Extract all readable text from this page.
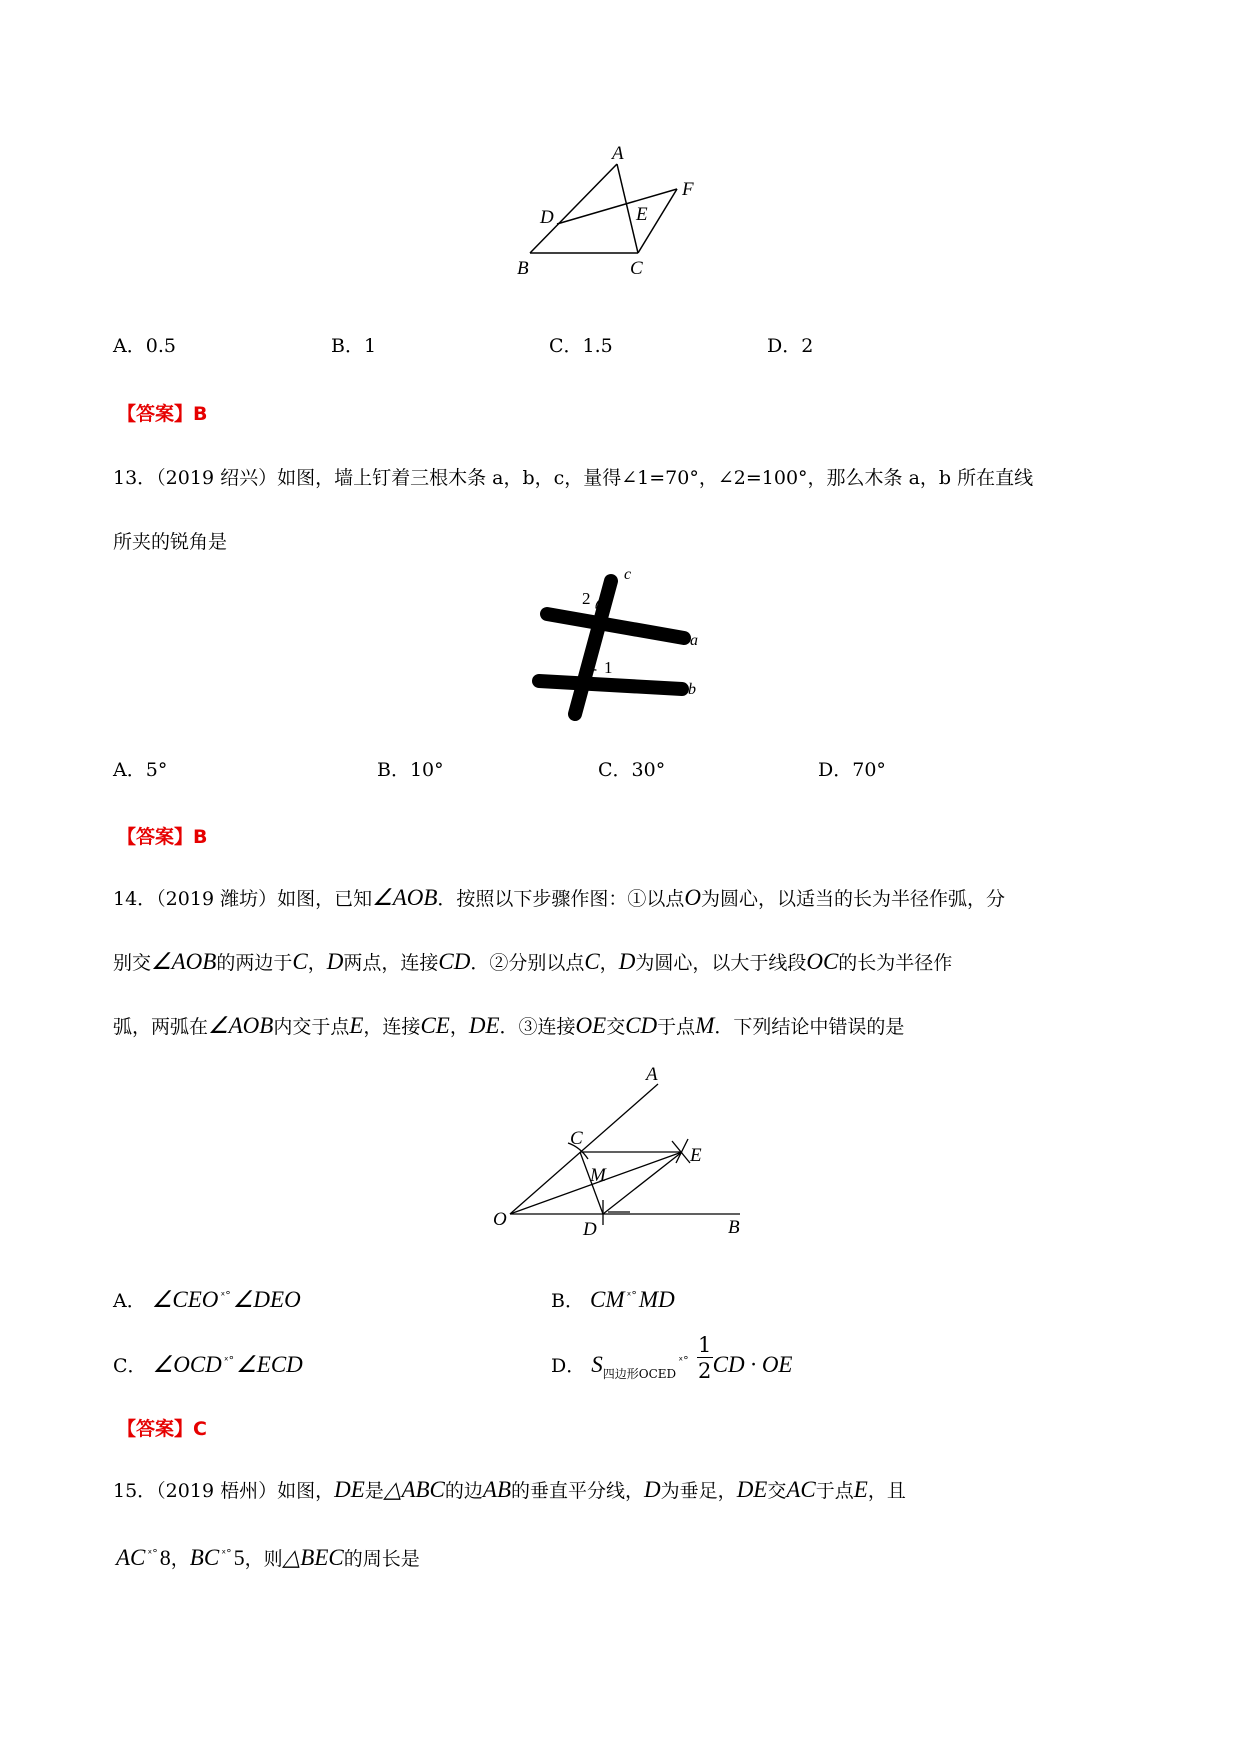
A
B	C
D	E
F
A．0.5	B．1	C．1.5	D．2
【答案】B
13．（2019 绍兴）如图，墙上钉着三根木条 a，b，c，量得∠1=70°，∠2=100°，那么木条 a，b 所在直线
所夹的锐角是
c
a
b
2
1
A．5°	B．10°	C．30°	D．70°
【答案】B
14．（2019 潍坊）如图，已知∠AOB．按照以下步骤作图：①以点O为圆心，以适当的长为半径作弧，分
别交∠AOB的两边于C，D两点，连接CD．②分别以点C，D为圆心，以大于线段OC的长为半径作
弧，两弧在∠AOB内交于点E，连接CE，DE．③连接OE交CD于点M．下列结论中错误的是
A
C
E
M
O	D	B
A． ∠CEO $^{ˣ^\circ}$∠DEO	B． CM $^{ˣ^\circ}$MD
C． ∠OCD $^{ˣ^\circ}$∠ECD	D． $S_{四边形OCEDˣ^\circ} \frac{1}{2}$ CD · OE
【答案】C
15．（2019 梧州）如图，DE是△ABC的边AB的垂直平分线，D为垂足，DE交AC于点E，且
AC $^{ˣ^\circ}$8，BC $^{ˣ^\circ}$5，则△BEC的周长是
